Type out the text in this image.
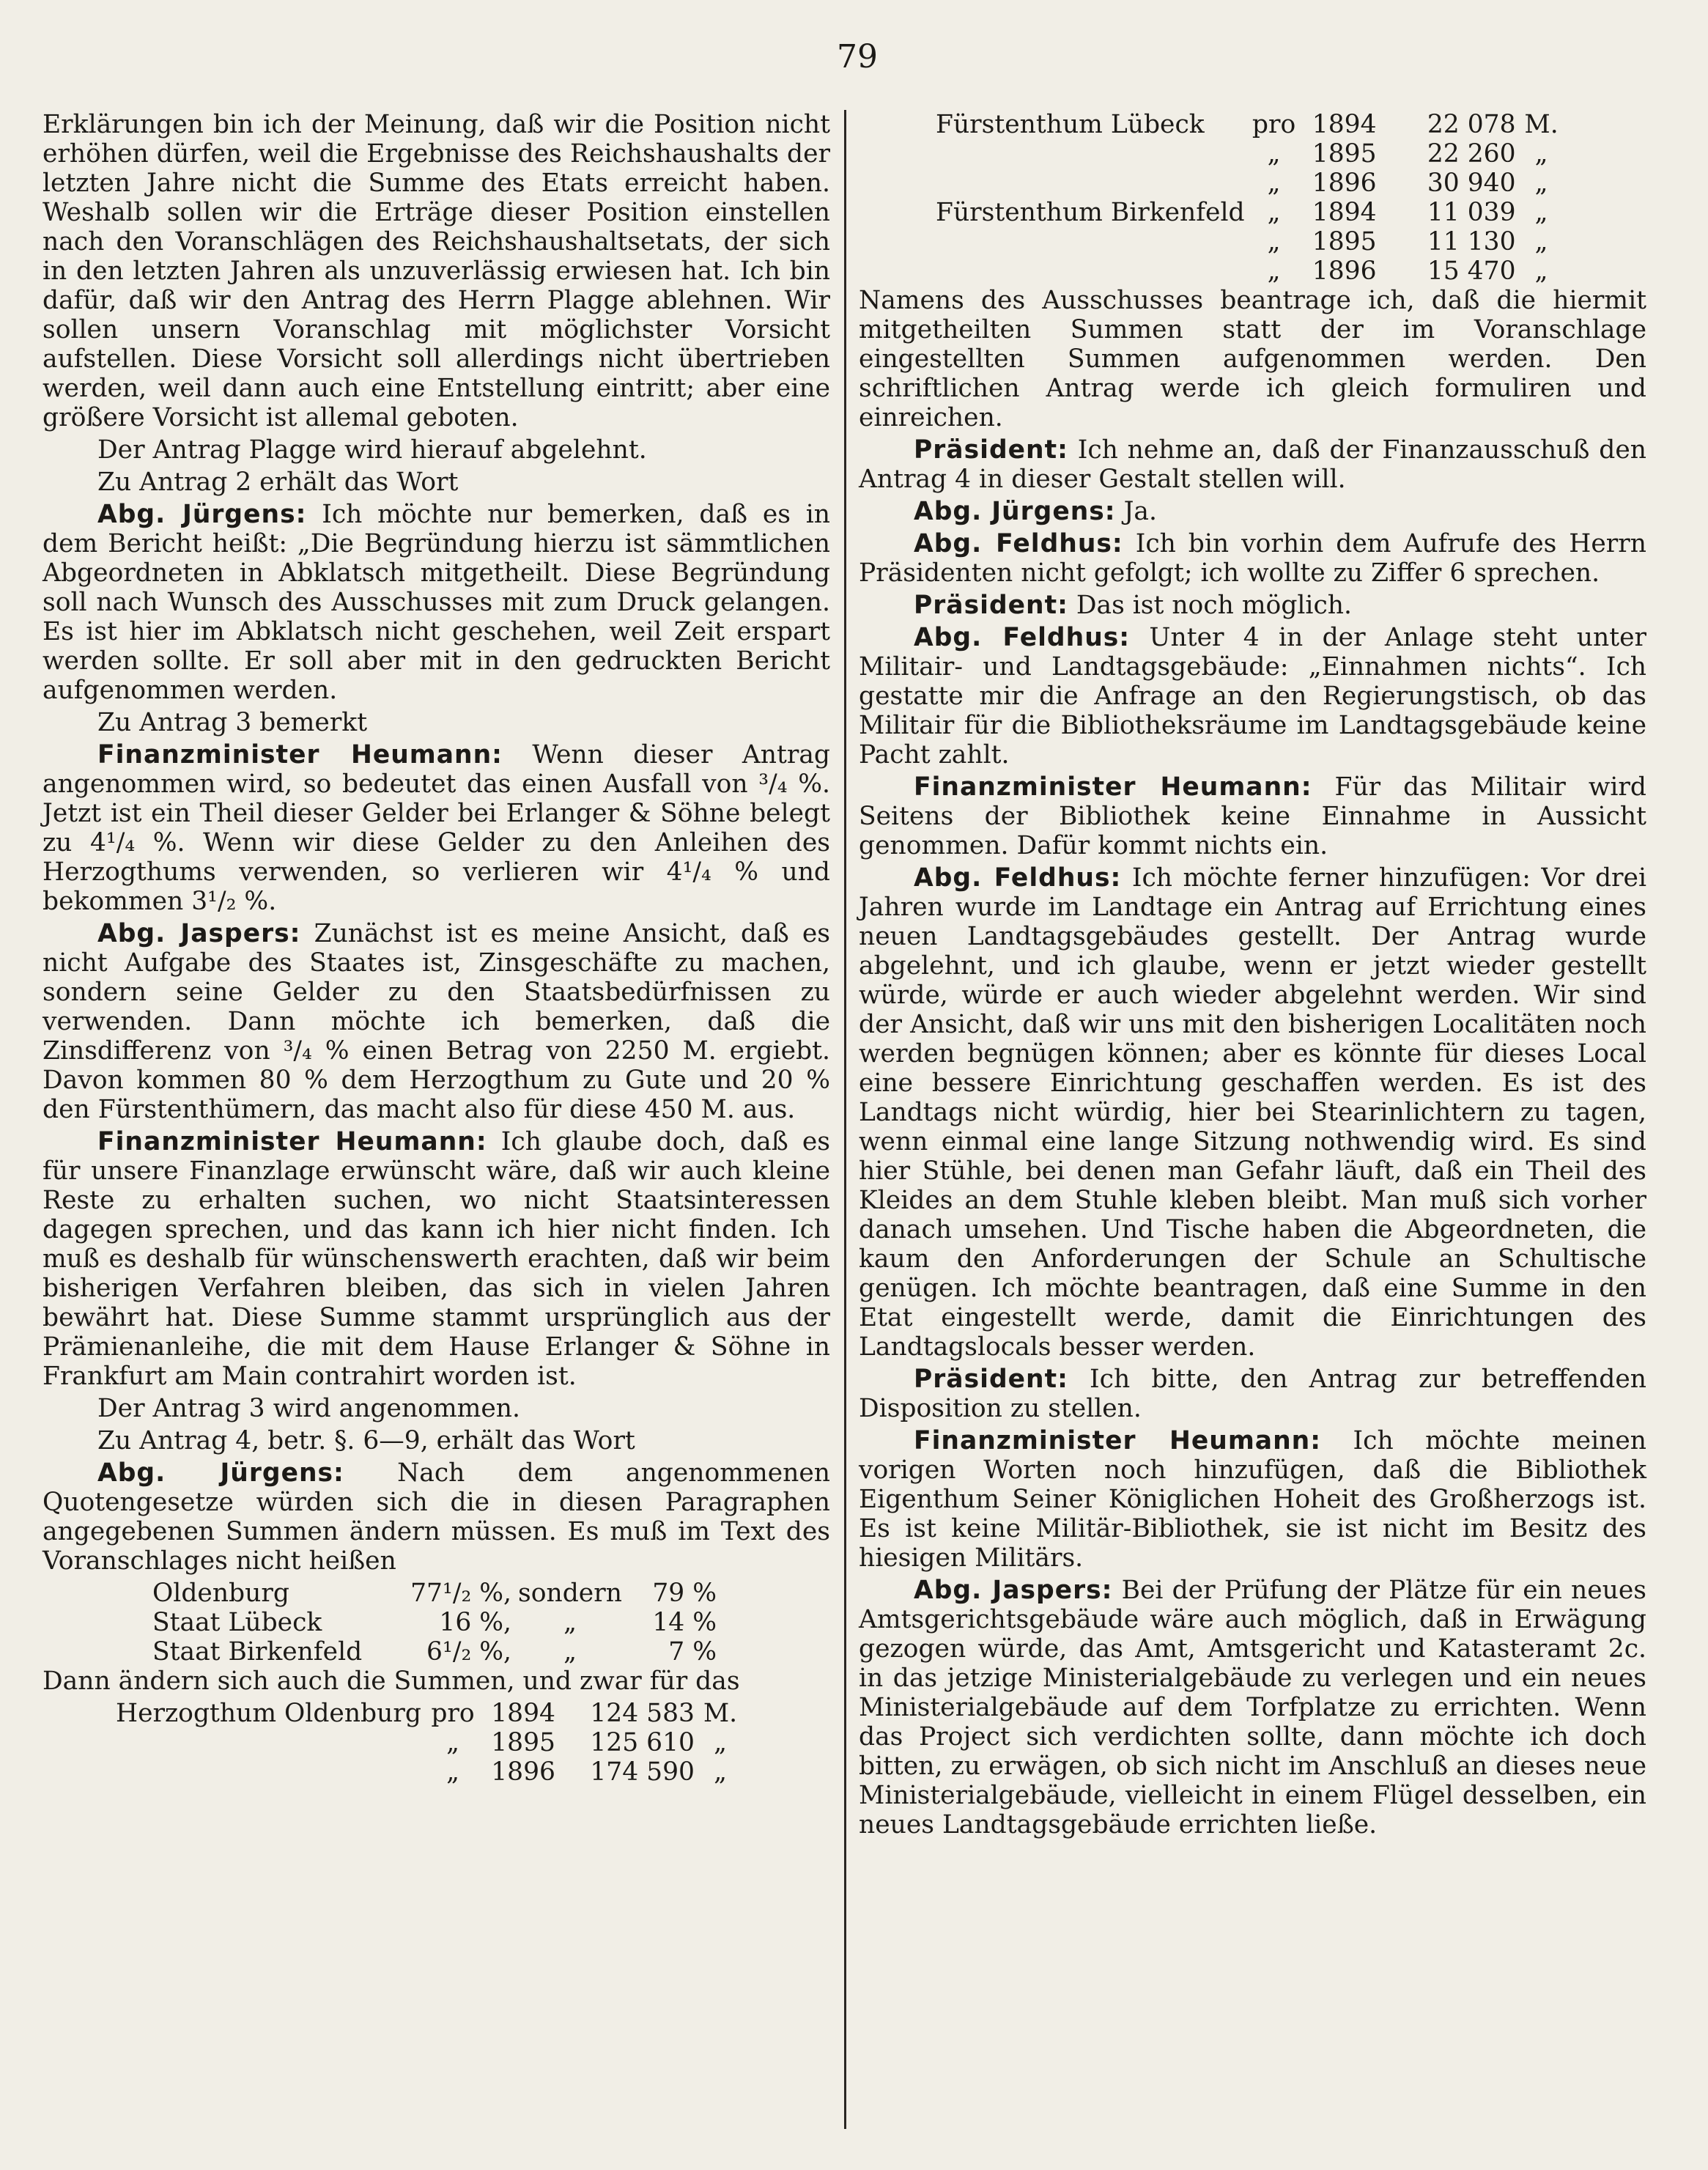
79

Erklärungen bin ich der Meinung, daß wir die Position nicht erhöhen dürfen, weil die Ergebnisse des Reichshaushalts der letzten Jahre nicht die Summe des Etats erreicht haben. Weshalb sollen wir die Erträge dieser Position einstellen nach den Voranschlägen des Reichshaushaltsetats, der sich in den letzten Jahren als unzuverlässig erwiesen hat. Ich bin dafür, daß wir den Antrag des Herrn Plagge ablehnen. Wir sollen unsern Voranschlag mit möglichster Vorsicht aufstellen. Diese Vorsicht soll allerdings nicht übertrieben werden, weil dann auch eine Entstellung eintritt; aber eine größere Vorsicht ist allemal geboten.

Der Antrag Plagge wird hierauf abgelehnt.

Zu Antrag 2 erhält das Wort

Abg. Jürgens: Ich möchte nur bemerken, daß es in dem Bericht heißt: „Die Begründung hierzu ist sämmtlichen Abgeordneten in Abklatsch mitgetheilt. Diese Begründung soll nach Wunsch des Ausschusses mit zum Druck gelangen. Es ist hier im Abklatsch nicht geschehen, weil Zeit erspart werden sollte. Er soll aber mit in den gedruckten Bericht aufgenommen werden.

Zu Antrag 3 bemerkt

Finanzminister Heumann: Wenn dieser Antrag angenommen wird, so bedeutet das einen Ausfall von ³/₄ %. Jetzt ist ein Theil dieser Gelder bei Erlanger & Söhne belegt zu 4¹/₄ %. Wenn wir diese Gelder zu den Anleihen des Herzogthums verwenden, so verlieren wir 4¹/₄ % und bekommen 3¹/₂ %.

Abg. Jaspers: Zunächst ist es meine Ansicht, daß es nicht Aufgabe des Staates ist, Zinsgeschäfte zu machen, sondern seine Gelder zu den Staatsbedürfnissen zu verwenden. Dann möchte ich bemerken, daß die Zinsdifferenz von ³/₄ % einen Betrag von 2250 M. ergiebt. Davon kommen 80 % dem Herzogthum zu Gute und 20 % den Fürstenthümern, das macht also für diese 450 M. aus.

Finanzminister Heumann: Ich glaube doch, daß es für unsere Finanzlage erwünscht wäre, daß wir auch kleine Reste zu erhalten suchen, wo nicht Staatsinteressen dagegen sprechen, und das kann ich hier nicht finden. Ich muß es deshalb für wünschenswerth erachten, daß wir beim bisherigen Verfahren bleiben, das sich in vielen Jahren bewährt hat. Diese Summe stammt ursprünglich aus der Prämienanleihe, die mit dem Hause Erlanger & Söhne in Frankfurt am Main contrahirt worden ist.

Der Antrag 3 wird angenommen.

Zu Antrag 4, betr. §. 6—9, erhält das Wort

Abg. Jürgens: Nach dem angenommenen Quotengesetze würden sich die in diesen Paragraphen angegebenen Summen ändern müssen. Es muß im Text des Voranschlages nicht heißen

Oldenburg	77¹/₂ %,	sondern	79 %
Staat Lübeck	16 %,	„	14 %
Staat Birkenfeld	6¹/₂ %,	„	7 %

Dann ändern sich auch die Summen, und zwar für das

Herzogthum Oldenburg	pro	1894	124 583	M.
	„	1895	125 610	„
	„	1896	174 590	„
Fürstenthum Lübeck	pro	1894	22 078	M.
	„	1895	22 260	„
	„	1896	30 940	„
Fürstenthum Birkenfeld	„	1894	11 039	„
	„	1895	11 130	„
	„	1896	15 470	„

Namens des Ausschusses beantrage ich, daß die hiermit mitgetheilten Summen statt der im Voranschlage eingestellten Summen aufgenommen werden. Den schriftlichen Antrag werde ich gleich formuliren und einreichen.

Präsident: Ich nehme an, daß der Finanzausschuß den Antrag 4 in dieser Gestalt stellen will.

Abg. Jürgens: Ja.

Abg. Feldhus: Ich bin vorhin dem Aufrufe des Herrn Präsidenten nicht gefolgt; ich wollte zu Ziffer 6 sprechen.

Präsident: Das ist noch möglich.

Abg. Feldhus: Unter 4 in der Anlage steht unter Militair- und Landtagsgebäude: „Einnahmen nichts“. Ich gestatte mir die Anfrage an den Regierungstisch, ob das Militair für die Bibliotheksräume im Landtagsgebäude keine Pacht zahlt.

Finanzminister Heumann: Für das Militair wird Seitens der Bibliothek keine Einnahme in Aussicht genommen. Dafür kommt nichts ein.

Abg. Feldhus: Ich möchte ferner hinzufügen: Vor drei Jahren wurde im Landtage ein Antrag auf Errichtung eines neuen Landtagsgebäudes gestellt. Der Antrag wurde abgelehnt, und ich glaube, wenn er jetzt wieder gestellt würde, würde er auch wieder abgelehnt werden. Wir sind der Ansicht, daß wir uns mit den bisherigen Localitäten noch werden begnügen können; aber es könnte für dieses Local eine bessere Einrichtung geschaffen werden. Es ist des Landtags nicht würdig, hier bei Stearinlichtern zu tagen, wenn einmal eine lange Sitzung nothwendig wird. Es sind hier Stühle, bei denen man Gefahr läuft, daß ein Theil des Kleides an dem Stuhle kleben bleibt. Man muß sich vorher danach umsehen. Und Tische haben die Abgeordneten, die kaum den Anforderungen der Schule an Schultische genügen. Ich möchte beantragen, daß eine Summe in den Etat eingestellt werde, damit die Einrichtungen des Landtagslocals besser werden.

Präsident: Ich bitte, den Antrag zur betreffenden Disposition zu stellen.

Finanzminister Heumann: Ich möchte meinen vorigen Worten noch hinzufügen, daß die Bibliothek Eigenthum Seiner Königlichen Hoheit des Großherzogs ist. Es ist keine Militär-Bibliothek, sie ist nicht im Besitz des hiesigen Militärs.

Abg. Jaspers: Bei der Prüfung der Plätze für ein neues Amtsgerichtsgebäude wäre auch möglich, daß in Erwägung gezogen würde, das Amt, Amtsgericht und Katasteramt 2c. in das jetzige Ministerialgebäude zu verlegen und ein neues Ministerialgebäude auf dem Torfplatze zu errichten. Wenn das Project sich verdichten sollte, dann möchte ich doch bitten, zu erwägen, ob sich nicht im Anschluß an dieses neue Ministerialgebäude, vielleicht in einem Flügel desselben, ein neues Landtagsgebäude errichten ließe.
